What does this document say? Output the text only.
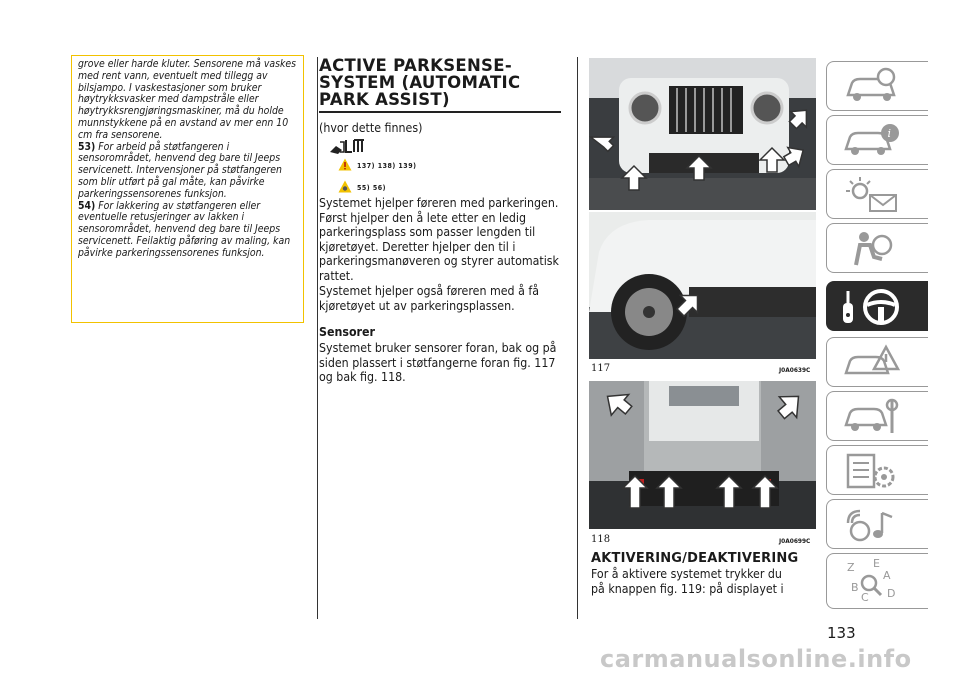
grove eller harde kluter. Sensorene må vaskes med rent vann, eventuelt med tillegg av bilsjampo. I vaskestasjoner som bruker høytrykksvasker med dampstråle eller høytrykksrengjøringsmaskiner, må du holde munnstykkene på en avstand av mer enn 10 cm fra sensorene.

53) For arbeid på støtfangeren i sensorområdet, henvend deg bare til Jeeps servicenett. Intervensjoner på støtfangeren som blir utført på gal måte, kan påvirke parkeringssensorenes funksjon.

54) For lakkering av støtfangeren eller eventuelle retusjeringer av lakken i sensorområdet, henvend deg bare til Jeeps servicenett. Feilaktig påføring av maling, kan påvirke parkeringssensorenes funksjon.

ACTIVE PARKSENSE-
SYSTEM (AUTOMATIC
PARK ASSIST)

(hvor dette finnes)

137) 138) 139)
55) 56)

Systemet hjelper føreren med parkeringen. Først hjelper den å lete etter en ledig parkeringsplass som passer lengden til kjøretøyet. Deretter hjelper den til i parkeringsmanøveren og styrer automatisk rattet.

Systemet hjelper også føreren med å få kjøretøyet ut av parkeringsplassen.

Sensorer

Systemet bruker sensorer foran, bak og på siden plassert i støtfangerne foran fig. 117 og bak fig. 118.

117	J0A0639C
118	J0A0699C
AKTIVERING/DEAKTIVERING

For å aktivere systemet trykker du på knappen fig. 119: på displayet i

i
Z E
A
B
C D
133
carmanualsonline.info
